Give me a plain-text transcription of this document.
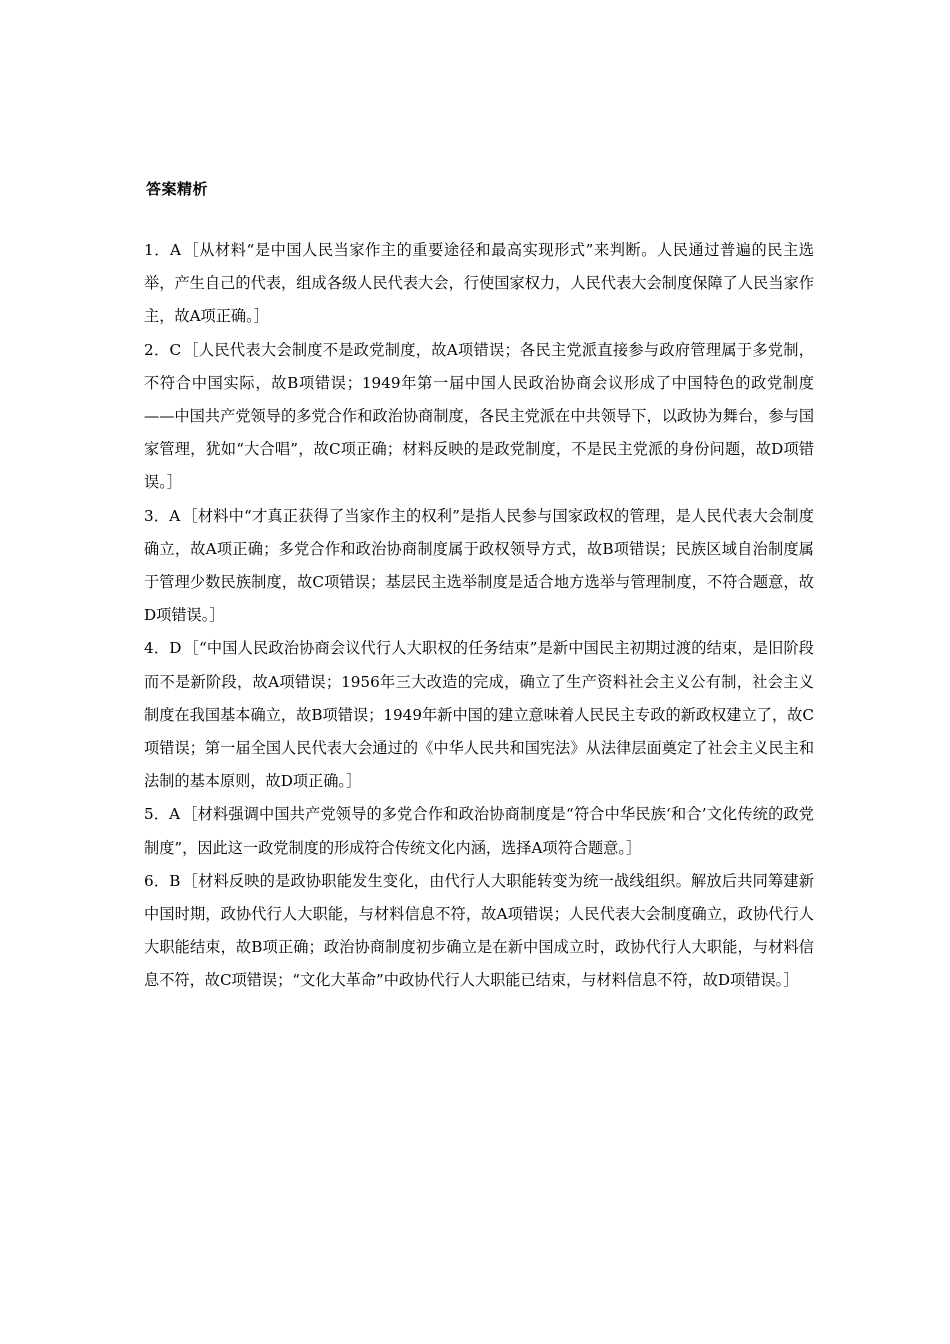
答案精析

1．A ［从材料“是中国人民当家作主的重要途径和最高实现形式”来判断。人民通过普遍的民主选举，产生自己的代表，组成各级人民代表大会，行使国家权力，人民代表大会制度保障了人民当家作主，故A项正确。］

2．C ［人民代表大会制度不是政党制度，故A项错误；各民主党派直接参与政府管理属于多党制，不符合中国实际，故B项错误；1949年第一届中国人民政治协商会议形成了中国特色的政党制度——中国共产党领导的多党合作和政治协商制度，各民主党派在中共领导下，以政协为舞台，参与国家管理，犹如“大合唱”，故C项正确；材料反映的是政党制度，不是民主党派的身份问题，故D项错误。］

3．A ［材料中“才真正获得了当家作主的权利”是指人民参与国家政权的管理，是人民代表大会制度确立，故A项正确；多党合作和政治协商制度属于政权领导方式，故B项错误；民族区域自治制度属于管理少数民族制度，故C项错误；基层民主选举制度是适合地方选举与管理制度，不符合题意，故D项错误。］

4．D ［“中国人民政治协商会议代行人大职权的任务结束”是新中国民主初期过渡的结束，是旧阶段而不是新阶段，故A项错误；1956年三大改造的完成，确立了生产资料社会主义公有制，社会主义制度在我国基本确立，故B项错误；1949年新中国的建立意味着人民民主专政的新政权建立了，故C项错误；第一届全国人民代表大会通过的《中华人民共和国宪法》从法律层面奠定了社会主义民主和法制的基本原则，故D项正确。］

5．A ［材料强调中国共产党领导的多党合作和政治协商制度是“符合中华民族‘和合’文化传统的政党制度”，因此这一政党制度的形成符合传统文化内涵，选择A项符合题意。］

6．B ［材料反映的是政协职能发生变化，由代行人大职能转变为统一战线组织。解放后共同筹建新中国时期，政协代行人大职能，与材料信息不符，故A项错误；人民代表大会制度确立，政协代行人大职能结束，故B项正确；政治协商制度初步确立是在新中国成立时，政协代行人大职能，与材料信息不符，故C项错误；“文化大革命”中政协代行人大职能已结束，与材料信息不符，故D项错误。］
